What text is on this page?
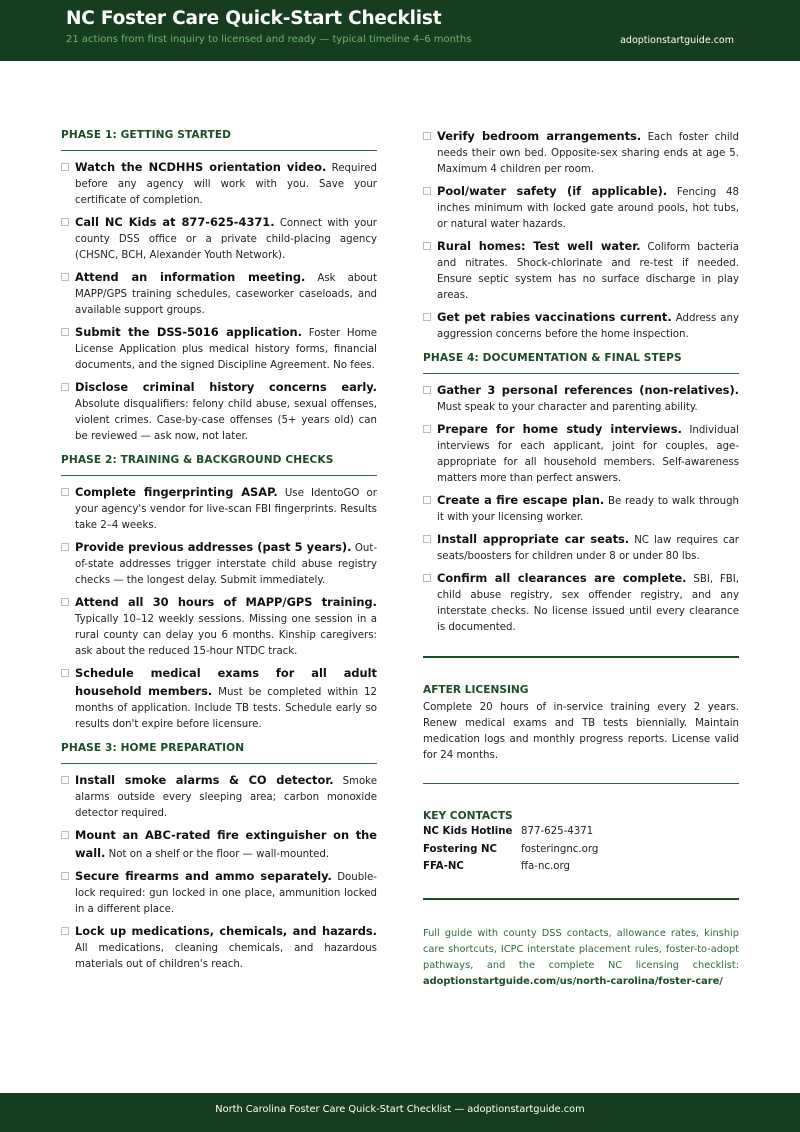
NC Foster Care Quick-Start Checklist
21 actions from first inquiry to licensed and ready — typical timeline 4–6 months	adoptionstartguide.com
PHASE 1: GETTING STARTED
Watch the NCDHHS orientation video. Required before any agency will work with you. Save your certificate of completion.
Call NC Kids at 877-625-4371. Connect with your county DSS office or a private child-placing agency (CHSNC, BCH, Alexander Youth Network).
Attend an information meeting. Ask about MAPP/GPS training schedules, caseworker caseloads, and available support groups.
Submit the DSS-5016 application. Foster Home License Application plus medical history forms, financial documents, and the signed Discipline Agreement. No fees.
Disclose criminal history concerns early. Absolute disqualifiers: felony child abuse, sexual offenses, violent crimes. Case-by-case offenses (5+ years old) can be reviewed — ask now, not later.
PHASE 2: TRAINING & BACKGROUND CHECKS
Complete fingerprinting ASAP. Use IdentoGO or your agency's vendor for live-scan FBI fingerprints. Results take 2–4 weeks.
Provide previous addresses (past 5 years). Out-of-state addresses trigger interstate child abuse registry checks — the longest delay. Submit immediately.
Attend all 30 hours of MAPP/GPS training. Typically 10–12 weekly sessions. Missing one session in a rural county can delay you 6 months. Kinship caregivers: ask about the reduced 15-hour NTDC track.
Schedule medical exams for all adult household members. Must be completed within 12 months of application. Include TB tests. Schedule early so results don't expire before licensure.
PHASE 3: HOME PREPARATION
Install smoke alarms & CO detector. Smoke alarms outside every sleeping area; carbon monoxide detector required.
Mount an ABC-rated fire extinguisher on the wall. Not on a shelf or the floor — wall-mounted.
Secure firearms and ammo separately. Double-lock required: gun locked in one place, ammunition locked in a different place.
Lock up medications, chemicals, and hazards. All medications, cleaning chemicals, and hazardous materials out of children's reach.
Verify bedroom arrangements. Each foster child needs their own bed. Opposite-sex sharing ends at age 5. Maximum 4 children per room.
Pool/water safety (if applicable). Fencing 48 inches minimum with locked gate around pools, hot tubs, or natural water hazards.
Rural homes: Test well water. Coliform bacteria and nitrates. Shock-chlorinate and re-test if needed. Ensure septic system has no surface discharge in play areas.
Get pet rabies vaccinations current. Address any aggression concerns before the home inspection.
PHASE 4: DOCUMENTATION & FINAL STEPS
Gather 3 personal references (non-relatives). Must speak to your character and parenting ability.
Prepare for home study interviews. Individual interviews for each applicant, joint for couples, age-appropriate for all household members. Self-awareness matters more than perfect answers.
Create a fire escape plan. Be ready to walk through it with your licensing worker.
Install appropriate car seats. NC law requires car seats/boosters for children under 8 or under 80 lbs.
Confirm all clearances are complete. SBI, FBI, child abuse registry, sex offender registry, and any interstate checks. No license issued until every clearance is documented.
AFTER LICENSING

Complete 20 hours of in-service training every 2 years. Renew medical exams and TB tests biennially. Maintain medication logs and monthly progress reports. License valid for 24 months.

KEY CONTACTS
NC Kids Hotline 877-625-4371
Fostering NC	fosteringnc.org
FFA-NC	ffa-nc.org
Full guide with county DSS contacts, allowance rates, kinship care shortcuts, ICPC interstate placement rules, foster-to-adopt pathways, and the complete NC licensing checklist: adoptionstartguide.com/us/north-carolina/foster-care/
North Carolina Foster Care Quick-Start Checklist — adoptionstartguide.com
